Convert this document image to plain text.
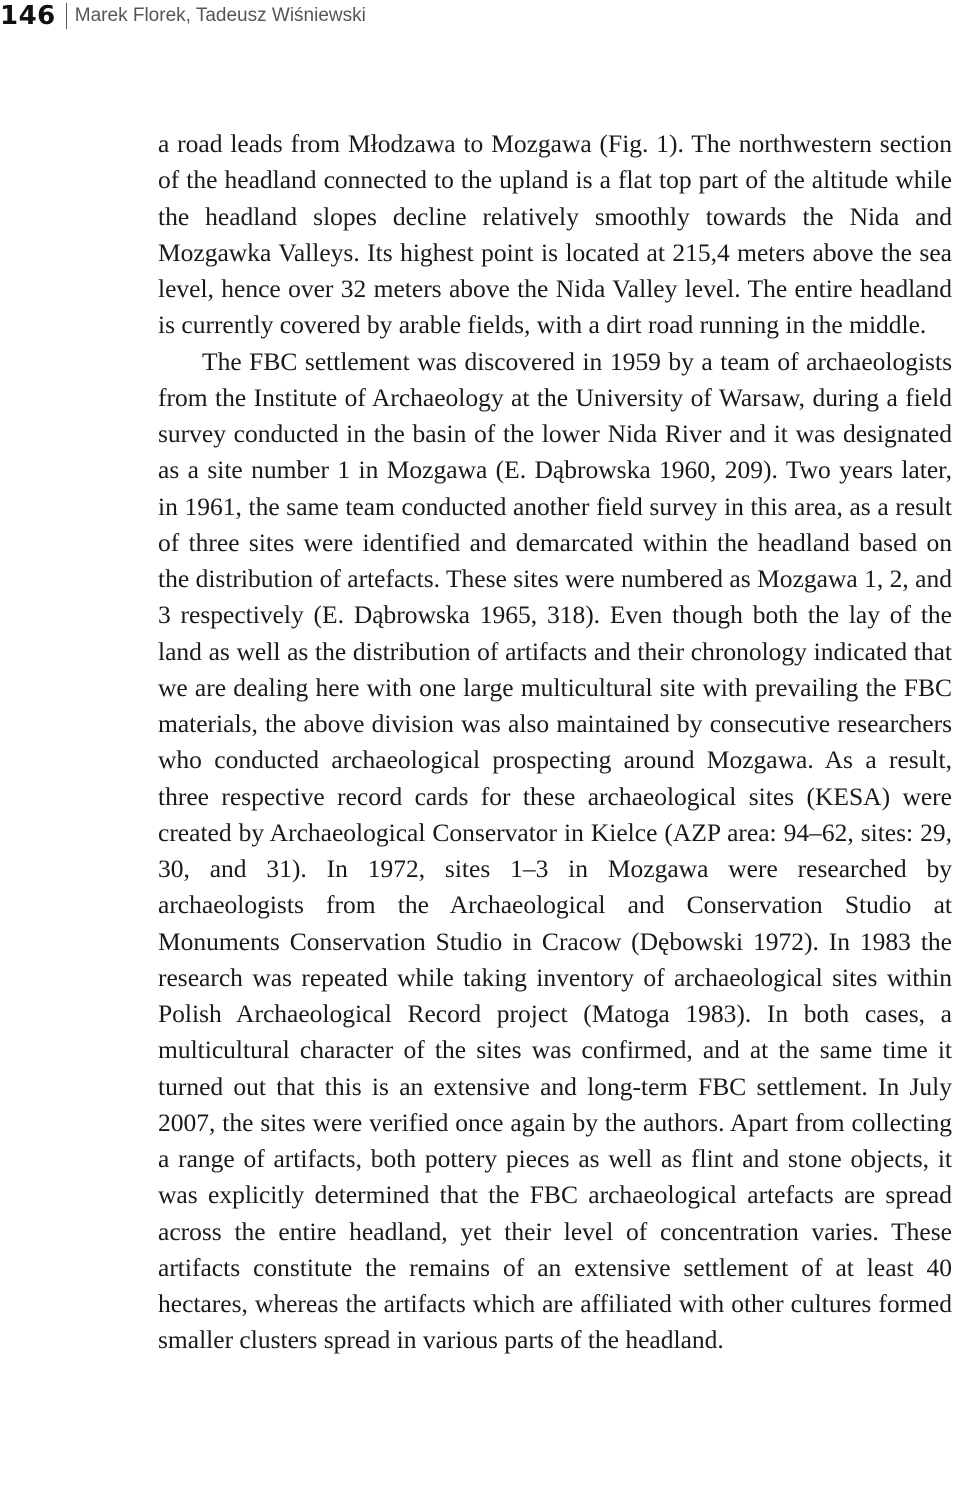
146	Marek Florek, Tadeusz Wiśniewski

a road leads from Młodzawa to Mozgawa (Fig. 1). The northwestern section of the headland connected to the upland is a flat top part of the altitude while the headland slopes decline relatively smoothly towards the Nida and Mozgawka Valleys. Its highest point is located at 215,4 meters above the sea level, hence over 32 meters above the Nida Valley level. The entire headland is currently covered by arable fields, with a dirt road running in the middle.

The FBC settlement was discovered in 1959 by a team of archaeologists from the Institute of Archaeology at the University of Warsaw, during a field survey conducted in the basin of the lower Nida River and it was designated as a site number 1 in Mozgawa (E. Dąbrowska 1960, 209). Two years later, in 1961, the same team conducted another field survey in this area, as a result of three sites were identified and demarcated within the headland based on the distribution of artefacts. These sites were numbered as Mozgawa 1, 2, and 3 respectively (E. Dąbrowska 1965, 318). Even though both the lay of the land as well as the distribution of artifacts and their chronology indicated that we are dealing here with one large multicultural site with prevailing the FBC materials, the above division was also maintained by consecutive researchers who conducted archaeological prospecting around Mozgawa. As a result, three respective record cards for these archaeological sites (KESA) were created by Archaeological Conservator in Kielce (AZP area: 94–62, sites: 29, 30, and 31). In 1972, sites 1–3 in Mozgawa were researched by archaeologists from the Archaeological and Conservation Studio at Monuments Conservation Studio in Cracow (Dębowski 1972). In 1983 the research was repeated while taking inventory of archaeological sites within Polish Archaeological Record project (Matoga 1983). In both cases, a multicultural character of the sites was confirmed, and at the same time it turned out that this is an extensive and long-term FBC settlement. In July 2007, the sites were verified once again by the authors. Apart from collecting a range of artifacts, both pottery pieces as well as flint and stone objects, it was explicitly determined that the FBC archaeological artefacts are spread across the entire headland, yet their level of concentration varies. These artifacts constitute the remains of an extensive settlement of at least 40 hectares, whereas the artifacts which are affiliated with other cultures formed smaller clusters spread in various parts of the headland.
